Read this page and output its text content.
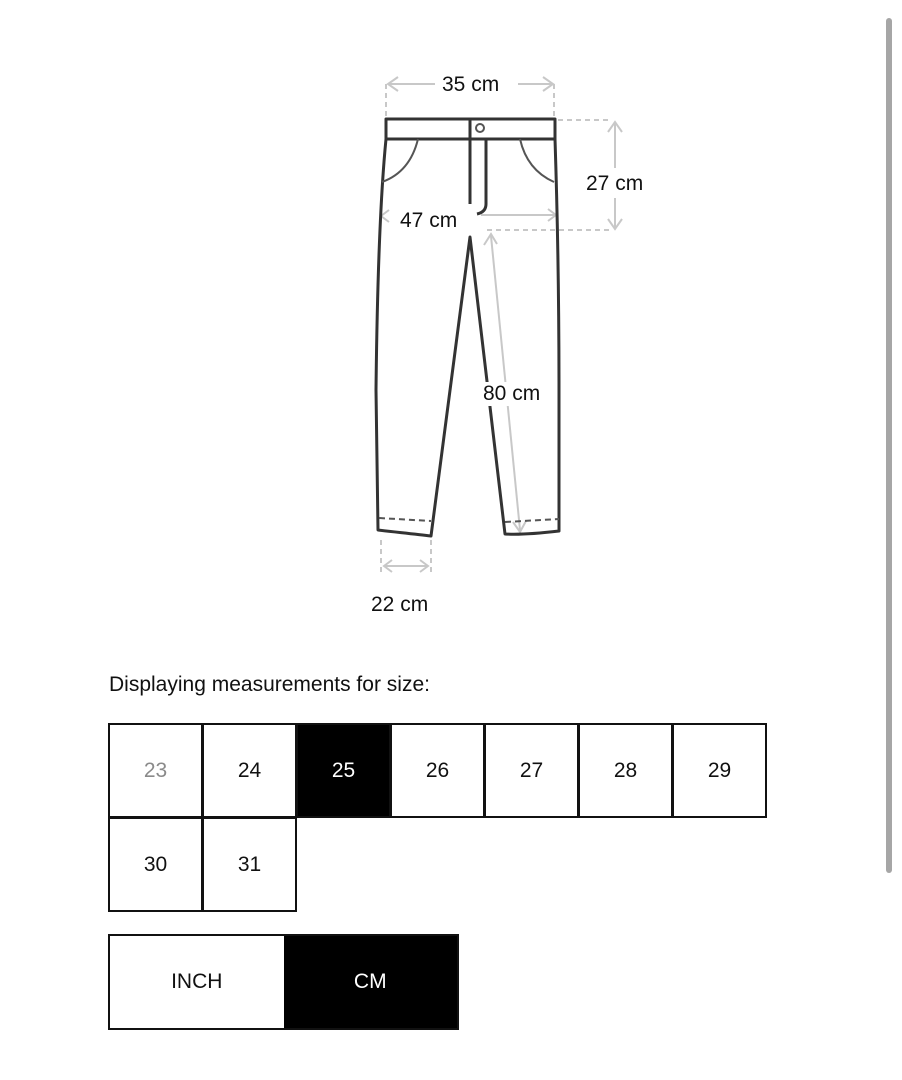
35 cm
27 cm
47 cm
80 cm
22 cm
Displaying measurements for size:
23	24	25	26	27	28	29
30	31
INCH	CM
